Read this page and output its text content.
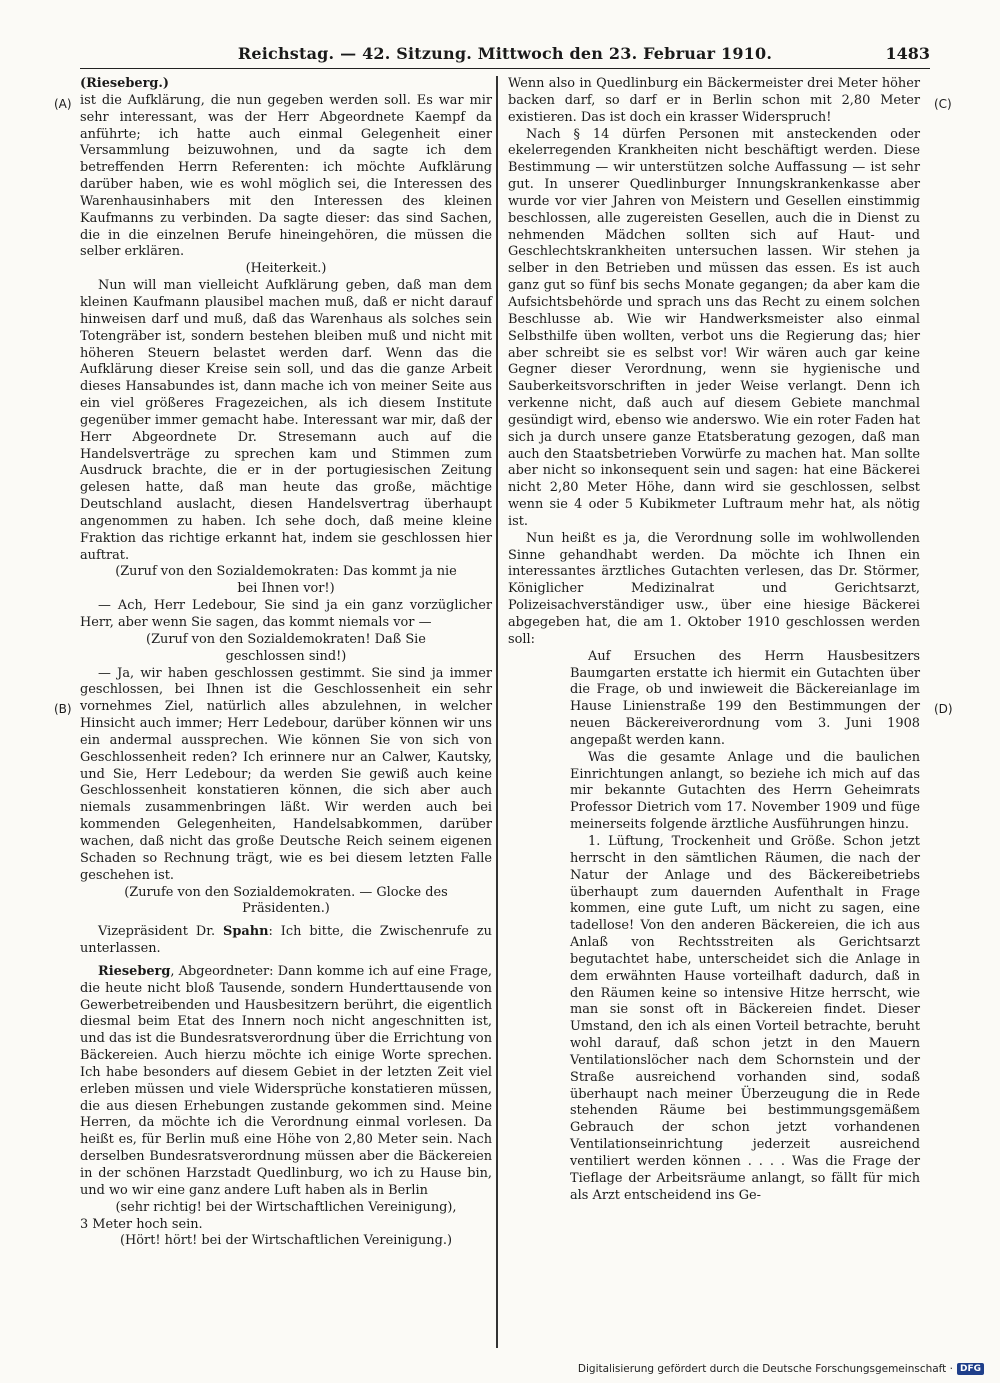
Reichstag. — 42. Sitzung. Mittwoch den 23. Februar 1910.	1483
(A)
(B)
(C)
(D)

(Rieseberg.)

ist die Aufklärung, die nun gegeben werden soll. Es war mir sehr interessant, was der Herr Abgeordnete Kaempf da anführte; ich hatte auch einmal Gelegenheit einer Versammlung beizuwohnen, und da sagte ich dem betreffenden Herrn Referenten: ich möchte Aufklärung darüber haben, wie es wohl möglich sei, die Interessen des Warenhausinhabers mit den Interessen des kleinen Kaufmanns zu verbinden. Da sagte dieser: das sind Sachen, die in die einzelnen Berufe hineingehören, die müssen die selber erklären.

(Heiterkeit.)

Nun will man vielleicht Aufklärung geben, daß man dem kleinen Kaufmann plausibel machen muß, daß er nicht darauf hinweisen darf und muß, daß das Warenhaus als solches sein Totengräber ist, sondern bestehen bleiben muß und nicht mit höheren Steuern belastet werden darf. Wenn das die Aufklärung dieser Kreise sein soll, und das die ganze Arbeit dieses Hansabundes ist, dann mache ich von meiner Seite aus ein viel größeres Fragezeichen, als ich diesem Institute gegenüber immer gemacht habe. Interessant war mir, daß der Herr Abgeordnete Dr. Stresemann auch auf die Handelsverträge zu sprechen kam und Stimmen zum Ausdruck brachte, die er in der portugiesischen Zeitung gelesen hatte, daß man heute das große, mächtige Deutschland auslacht, diesen Handelsvertrag überhaupt angenommen zu haben. Ich sehe doch, daß meine kleine Fraktion das richtige erkannt hat, indem sie geschlossen hier auftrat.

(Zuruf von den Sozialdemokraten: Das kommt ja nie bei Ihnen vor!)

— Ach, Herr Ledebour, Sie sind ja ein ganz vorzüglicher Herr, aber wenn Sie sagen, das kommt niemals vor —

(Zuruf von den Sozialdemokraten! Daß Sie geschlossen sind!)

— Ja, wir haben geschlossen gestimmt. Sie sind ja immer geschlossen, bei Ihnen ist die Geschlossenheit ein sehr vornehmes Ziel, natürlich alles abzulehnen, in welcher Hinsicht auch immer; Herr Ledebour, darüber können wir uns ein andermal aussprechen. Wie können Sie von sich von Geschlossenheit reden? Ich erinnere nur an Calwer, Kautsky, und Sie, Herr Ledebour; da werden Sie gewiß auch keine Geschlossenheit konstatieren können, die sich aber auch niemals zusammenbringen läßt. Wir werden auch bei kommenden Gelegenheiten, Handelsabkommen, darüber wachen, daß nicht das große Deutsche Reich seinem eigenen Schaden so Rechnung trägt, wie es bei diesem letzten Falle geschehen ist.

(Zurufe von den Sozialdemokraten. — Glocke des Präsidenten.)

Vizepräsident Dr. Spahn: Ich bitte, die Zwischenrufe zu unterlassen.

Rieseberg, Abgeordneter: Dann komme ich auf eine Frage, die heute nicht bloß Tausende, sondern Hunderttausende von Gewerbetreibenden und Hausbesitzern berührt, die eigentlich diesmal beim Etat des Innern noch nicht angeschnitten ist, und das ist die Bundesratsverordnung über die Errichtung von Bäckereien. Auch hierzu möchte ich einige Worte sprechen. Ich habe besonders auf diesem Gebiet in der letzten Zeit viel erleben müssen und viele Widersprüche konstatieren müssen, die aus diesen Erhebungen zustande gekommen sind. Meine Herren, da möchte ich die Verordnung einmal vorlesen. Da heißt es, für Berlin muß eine Höhe von 2,80 Meter sein. Nach derselben Bundesratsverordnung müssen aber die Bäckereien in der schönen Harzstadt Quedlinburg, wo ich zu Hause bin, und wo wir eine ganz andere Luft haben als in Berlin

(sehr richtig! bei der Wirtschaftlichen Vereinigung),

3 Meter hoch sein.

(Hört! hört! bei der Wirtschaftlichen Vereinigung.)

Wenn also in Quedlinburg ein Bäckermeister drei Meter höher backen darf, so darf er in Berlin schon mit 2,80 Meter existieren. Das ist doch ein krasser Widerspruch!

Nach § 14 dürfen Personen mit ansteckenden oder ekelerregenden Krankheiten nicht beschäftigt werden. Diese Bestimmung — wir unterstützen solche Auffassung — ist sehr gut. In unserer Quedlinburger Innungskrankenkasse aber wurde vor vier Jahren von Meistern und Gesellen einstimmig beschlossen, alle zugereisten Gesellen, auch die in Dienst zu nehmenden Mädchen sollten sich auf Haut- und Geschlechtskrankheiten untersuchen lassen. Wir stehen ja selber in den Betrieben und müssen das essen. Es ist auch ganz gut so fünf bis sechs Monate gegangen; da aber kam die Aufsichtsbehörde und sprach uns das Recht zu einem solchen Beschlusse ab. Wie wir Handwerksmeister also einmal Selbsthilfe üben wollten, verbot uns die Regierung das; hier aber schreibt sie es selbst vor! Wir wären auch gar keine Gegner dieser Verordnung, wenn sie hygienische und Sauberkeitsvorschriften in jeder Weise verlangt. Denn ich verkenne nicht, daß auch auf diesem Gebiete manchmal gesündigt wird, ebenso wie anderswo. Wie ein roter Faden hat sich ja durch unsere ganze Etatsberatung gezogen, daß man auch den Staatsbetrieben Vorwürfe zu machen hat. Man sollte aber nicht so inkonsequent sein und sagen: hat eine Bäckerei nicht 2,80 Meter Höhe, dann wird sie geschlossen, selbst wenn sie 4 oder 5 Kubikmeter Luftraum mehr hat, als nötig ist.

Nun heißt es ja, die Verordnung solle im wohlwollenden Sinne gehandhabt werden. Da möchte ich Ihnen ein interessantes ärztliches Gutachten verlesen, das Dr. Störmer, Königlicher Medizinalrat und Gerichtsarzt, Polizeisachverständiger usw., über eine hiesige Bäckerei abgegeben hat, die am 1. Oktober 1910 geschlossen werden soll:

Auf Ersuchen des Herrn Hausbesitzers Baumgarten erstatte ich hiermit ein Gutachten über die Frage, ob und inwieweit die Bäckereianlage im Hause Linienstraße 199 den Bestimmungen der neuen Bäckereiverordnung vom 3. Juni 1908 angepaßt werden kann.

Was die gesamte Anlage und die baulichen Einrichtungen anlangt, so beziehe ich mich auf das mir bekannte Gutachten des Herrn Geheimrats Professor Dietrich vom 17. November 1909 und füge meinerseits folgende ärztliche Ausführungen hinzu.

1. Lüftung, Trockenheit und Größe. Schon jetzt herrscht in den sämtlichen Räumen, die nach der Natur der Anlage und des Bäckereibetriebs überhaupt zum dauernden Aufenthalt in Frage kommen, eine gute Luft, um nicht zu sagen, eine tadellose! Von den anderen Bäckereien, die ich aus Anlaß von Rechtsstreiten als Gerichtsarzt begutachtet habe, unterscheidet sich die Anlage in dem erwähnten Hause vorteilhaft dadurch, daß in den Räumen keine so intensive Hitze herrscht, wie man sie sonst oft in Bäckereien findet. Dieser Umstand, den ich als einen Vorteil betrachte, beruht wohl darauf, daß schon jetzt in den Mauern Ventilationslöcher nach dem Schornstein und der Straße ausreichend vorhanden sind, sodaß überhaupt nach meiner Überzeugung die in Rede stehenden Räume bei bestimmungsgemäßem Gebrauch der schon jetzt vorhandenen Ventilationseinrichtung jederzeit ausreichend ventiliert werden können . . . . Was die Frage der Tieflage der Arbeitsräume anlangt, so fällt für mich als Arzt entscheidend ins Ge-

Digitalisierung gefördert durch die Deutsche Forschungsgemeinschaft · DFG
